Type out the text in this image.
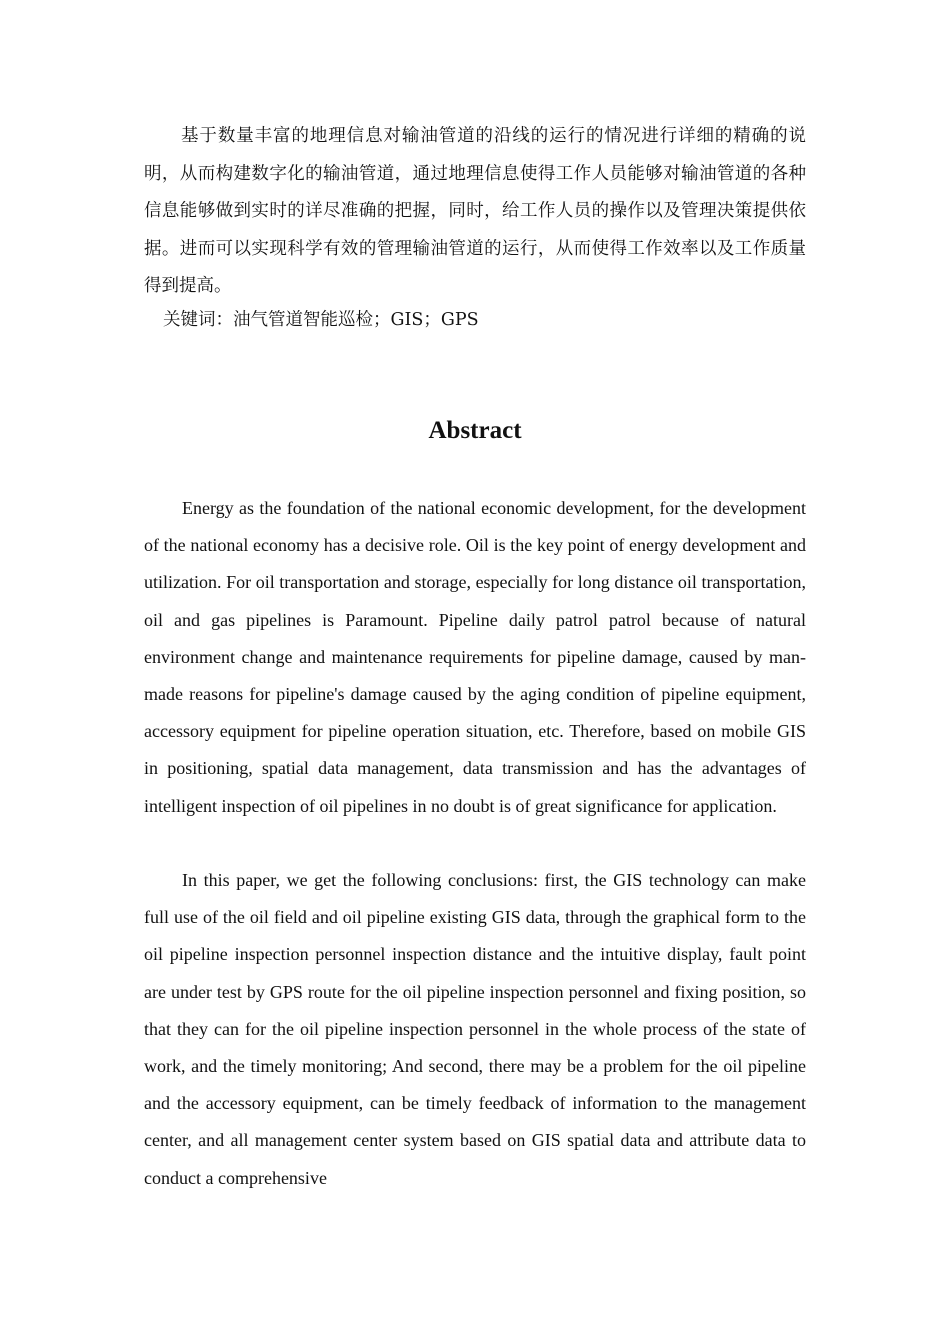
基于数量丰富的地理信息对输油管道的沿线的运行的情况进行详细的精确的说明，从而构建数字化的输油管道，通过地理信息使得工作人员能够对输油管道的各种信息能够做到实时的详尽准确的把握，同时，给工作人员的操作以及管理决策提供依据。进而可以实现科学有效的管理输油管道的运行，从而使得工作效率以及工作质量得到提高。

关键词：油气管道智能巡检；GIS；GPS

Abstract

Energy as the foundation of the national economic development, for the development of the national economy has a decisive role. Oil is the key point of energy development and utilization. For oil transportation and storage, especially for long distance oil transportation, oil and gas pipelines is Paramount. Pipeline daily patrol patrol because of natural environment change and maintenance requirements for pipeline damage, caused by man-made reasons for pipeline's damage caused by the aging condition of pipeline equipment, accessory equipment for pipeline operation situation, etc. Therefore, based on mobile GIS in positioning, spatial data management, data transmission and has the advantages of intelligent inspection of oil pipelines in no doubt is of great significance for application.

In this paper, we get the following conclusions: first, the GIS technology can make full use of the oil field and oil pipeline existing GIS data, through the graphical form to the oil pipeline inspection personnel inspection distance and the intuitive display, fault point are under test by GPS route for the oil pipeline inspection personnel and fixing position, so that they can for the oil pipeline inspection personnel in the whole process of the state of work, and the timely monitoring; And second, there may be a problem for the oil pipeline and the accessory equipment, can be timely feedback of information to the management center, and all management center system based on GIS spatial data and attribute data to conduct a comprehensive
